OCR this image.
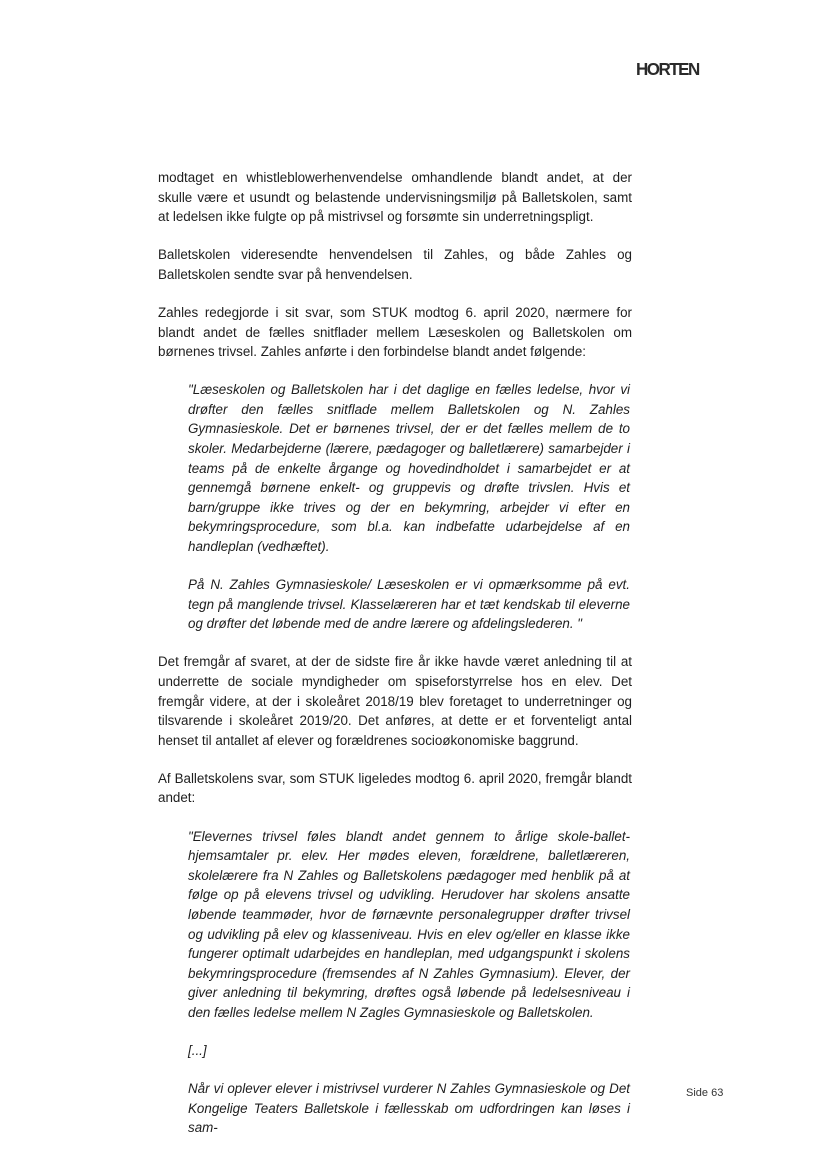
HORTEN

modtaget en whistleblowerhenvendelse omhandlende blandt andet, at der skulle være et usundt og belastende undervisningsmiljø på Balletskolen, samt at ledelsen ikke fulgte op på mistrivsel og forsømte sin underretningspligt.

Balletskolen videresendte henvendelsen til Zahles, og både Zahles og Balletskolen sendte svar på henvendelsen.

Zahles redegjorde i sit svar, som STUK modtog 6. april 2020, nærmere for blandt andet de fælles snitflader mellem Læseskolen og Balletskolen om børnenes trivsel. Zahles anførte i den forbindelse blandt andet følgende:

"Læseskolen og Balletskolen har i det daglige en fælles ledelse, hvor vi drøfter den fælles snitflade mellem Balletskolen og N. Zahles Gymnasieskole. Det er børnenes trivsel, der er det fælles mellem de to skoler. Medarbejderne (lærere, pædagoger og balletlærere) samarbejder i teams på de enkelte årgange og hovedindholdet i samarbejdet er at gennemgå børnene enkelt- og gruppevis og drøfte trivslen. Hvis et barn/gruppe ikke trives og der en bekymring, arbejder vi efter en bekymringsprocedure, som bl.a. kan indbefatte udarbejdelse af en handleplan (vedhæftet).

På N. Zahles Gymnasieskole/ Læseskolen er vi opmærksomme på evt. tegn på manglende trivsel. Klasselæreren har et tæt kendskab til eleverne og drøfter det løbende med de andre lærere og afdelingslederen. "

Det fremgår af svaret, at der de sidste fire år ikke havde været anledning til at underrette de sociale myndigheder om spiseforstyrrelse hos en elev. Det fremgår videre, at der i skoleåret 2018/19 blev foretaget to underretninger og tilsvarende i skoleåret 2019/20. Det anføres, at dette er et forventeligt antal henset til antallet af elever og forældrenes socioøkonomiske baggrund.

Af Balletskolens svar, som STUK ligeledes modtog 6. april 2020, fremgår blandt andet:

"Elevernes trivsel føles blandt andet gennem to årlige skole-ballet-hjemsamtaler pr. elev. Her mødes eleven, forældrene, balletlæreren, skolelærere fra N Zahles og Balletskolens pædagoger med henblik på at følge op på elevens trivsel og udvikling. Herudover har skolens ansatte løbende teammøder, hvor de førnævnte personalegrupper drøfter trivsel og udvikling på elev og klasseniveau. Hvis en elev og/eller en klasse ikke fungerer optimalt udarbejdes en handleplan, med udgangspunkt i skolens bekymringsprocedure (fremsendes af N Zahles Gymnasium). Elever, der giver anledning til bekymring, drøftes også løbende på ledelsesniveau i den fælles ledelse mellem N Zagles Gymnasieskole og Balletskolen.

[...]

Når vi oplever elever i mistrivsel vurderer N Zahles Gymnasieskole og Det Kongelige Teaters Balletskole i fællesskab om udfordringen kan løses i sam-

Side 63
